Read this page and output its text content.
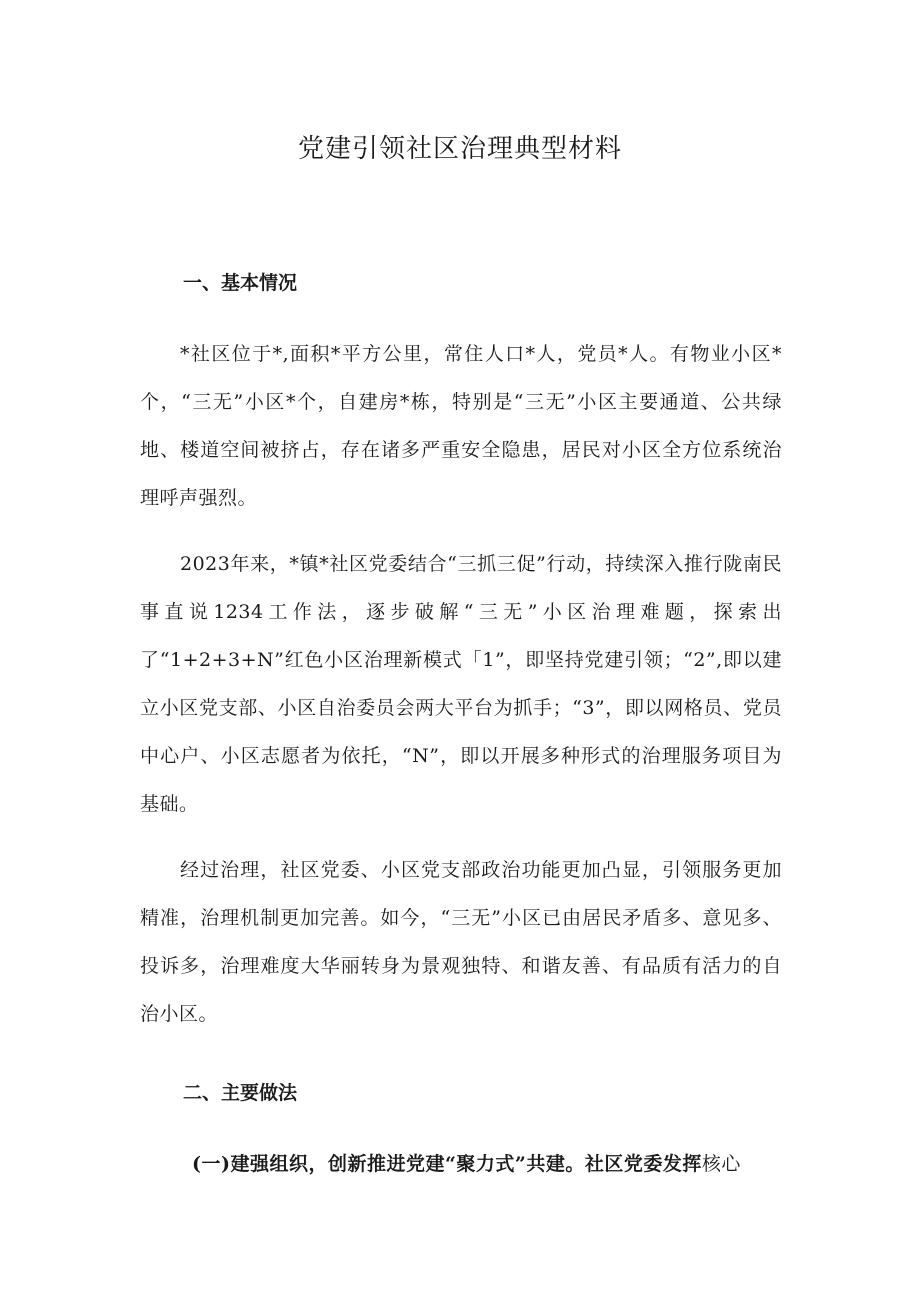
党建引领社区治理典型材料
一、基本情况

*社区位于*,面积*平方公里，常住人口*人，党员*人。有物业小区*个，“三无”小区*个，自建房*栋，特别是“三无”小区主要通道、公共绿地、楼道空间被挤占，存在诸多严重安全隐患，居民对小区全方位系统治理呼声强烈。

2023年来，*镇*社区党委结合“三抓三促”行动，持续深入推行陇南民事直说1234工作法，逐步破解“三无”小区治理难题，探索出了“1+2+3+N”红色小区治理新模式「1”，即坚持党建引领；“2”,即以建立小区党支部、小区自治委员会两大平台为抓手；“3”，即以网格员、党员中心户、小区志愿者为依托，“N”，即以开展多种形式的治理服务项目为基础。

经过治理，社区党委、小区党支部政治功能更加凸显，引领服务更加精准，治理机制更加完善。如今，“三无”小区已由居民矛盾多、意见多、投诉多，治理难度大华丽转身为景观独特、和谐友善、有品质有活力的自治小区。

二、主要做法

(一)建强组织，创新推进党建“聚力式”共建。社区党委发挥核心
